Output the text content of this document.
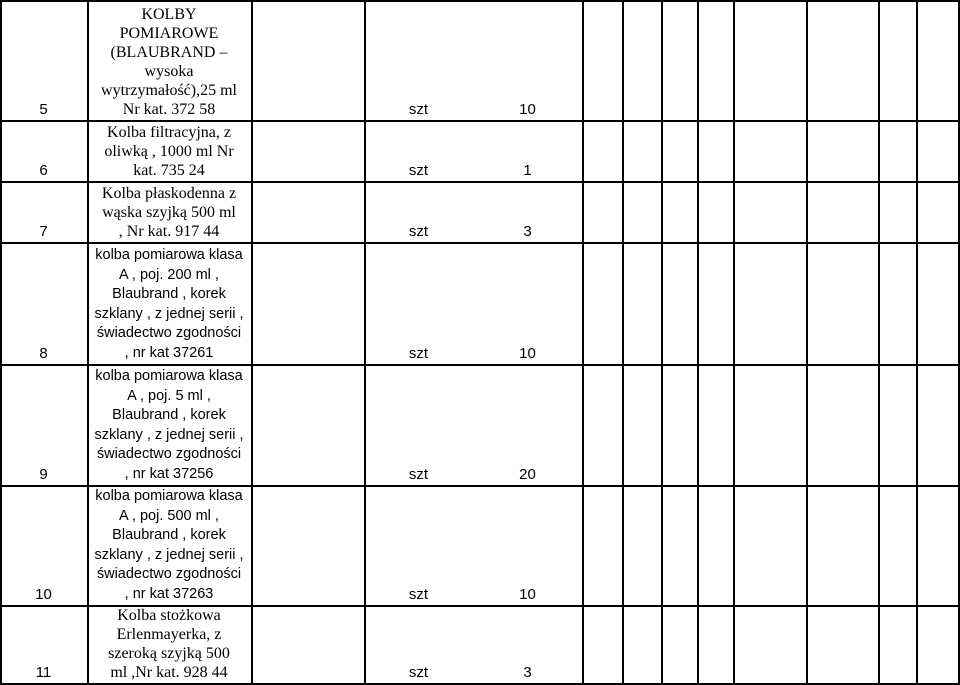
5
KOLBY
POMIAROWE
(BLAUBRAND –
wysoka
wytrzymałość),25 ml
Nr kat. 372 58	szt	10
6
Kolba filtracyjna, z
oliwką , 1000 ml Nr
kat. 735 24	szt	1
7
Kolba płaskodenna z
wąska szyjką 500 ml
, Nr kat. 917 44	szt	3
8
kolba pomiarowa klasa
A , poj. 200 ml ,
Blaubrand , korek
szklany , z jednej serii ,
świadectwo zgodności
, nr kat 37261	szt	10
9
kolba pomiarowa klasa
A , poj. 5 ml ,
Blaubrand , korek
szklany , z jednej serii ,
świadectwo zgodności
, nr kat 37256	szt	20
10
kolba pomiarowa klasa
A , poj. 500 ml ,
Blaubrand , korek
szklany , z jednej serii ,
świadectwo zgodności
, nr kat 37263	szt	10
11
Kolba stożkowa
Erlenmayerka, z
szeroką szyjką 500
ml ,Nr kat. 928 44	szt	3
